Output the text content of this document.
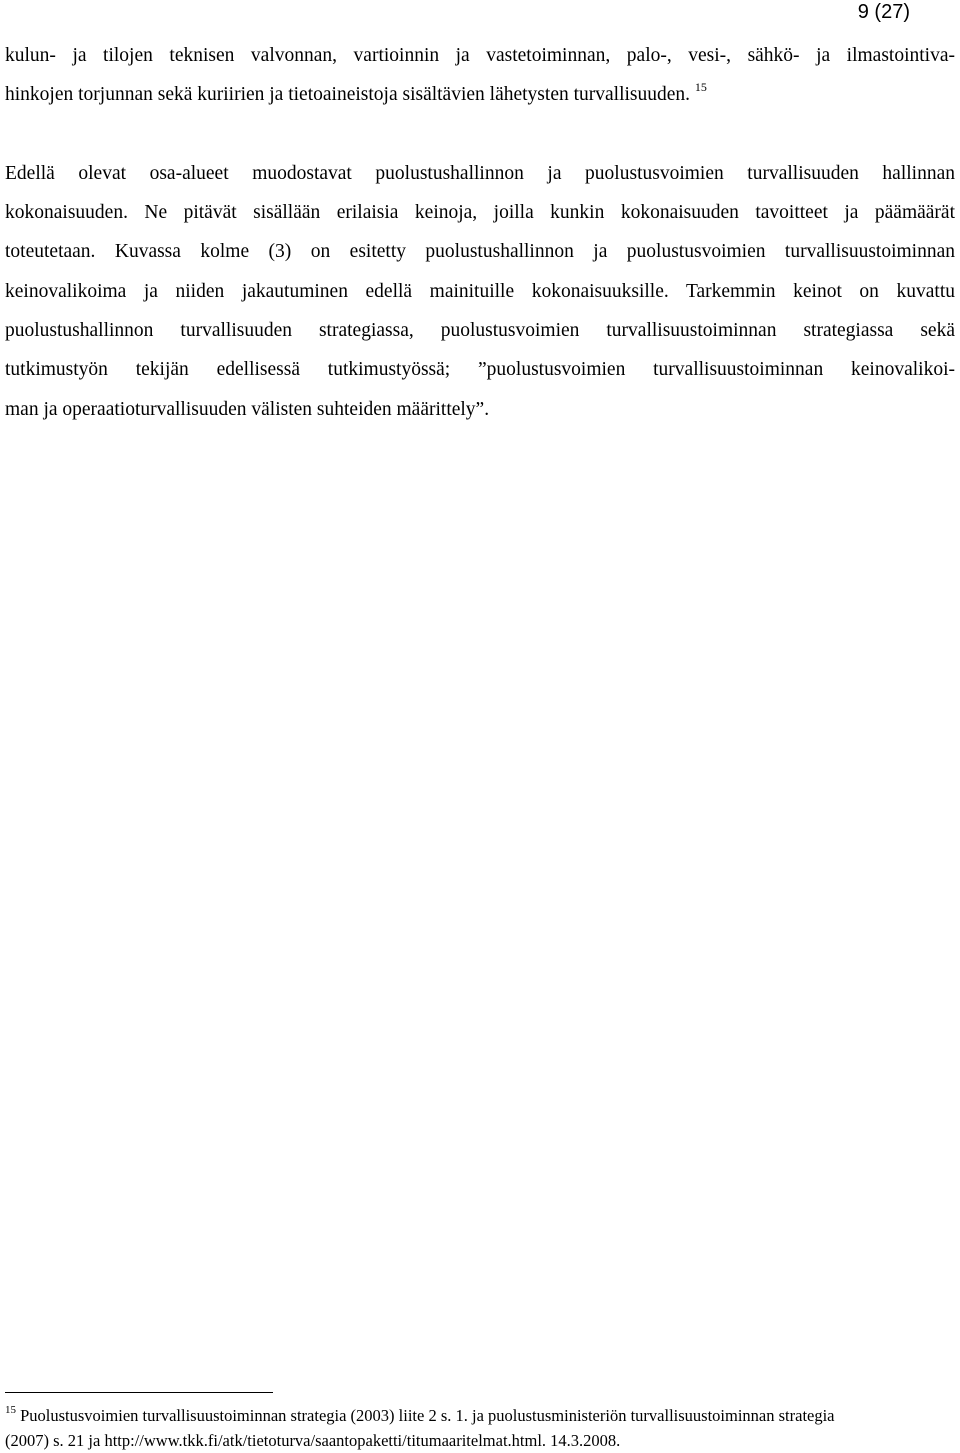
9 (27)

kulun- ja tilojen teknisen valvonnan, vartioinnin ja vastetoiminnan, palo-, vesi-, sähkö- ja ilmastointiva-
hinkojen torjunnan sekä kuriirien ja tietoaineistoja sisältävien lähetysten turvallisuuden. $^{15}$

Edellä olevat osa-alueet muodostavat puolustushallinnon ja puolustusvoimien turvallisuuden hallinnan
kokonaisuuden. Ne pitävät sisällään erilaisia keinoja, joilla kunkin kokonaisuuden tavoitteet ja päämäärät
toteutetaan. Kuvassa kolme (3) on esitetty puolustushallinnon ja puolustusvoimien turvallisuustoiminnan
keinovalikoima ja niiden jakautuminen edellä mainituille kokonaisuuksille. Tarkemmin keinot on kuvattu
puolustushallinnon turvallisuuden strategiassa, puolustusvoimien turvallisuustoiminnan strategiassa sekä
tutkimustyön tekijän edellisessä tutkimustyössä; ”puolustusvoimien turvallisuustoiminnan keinovalikoi-
man ja operaatioturvallisuuden välisten suhteiden määrittely”.

$^{15}$ Puolustusvoimien turvallisuustoiminnan strategia (2003) liite 2 s. 1. ja puolustusministeriön turvallisuustoiminnan strategia
(2007) s. 21 ja http://www.tkk.fi/atk/tietoturva/saantopaketti/titumaaritelmat.html. 14.3.2008.
